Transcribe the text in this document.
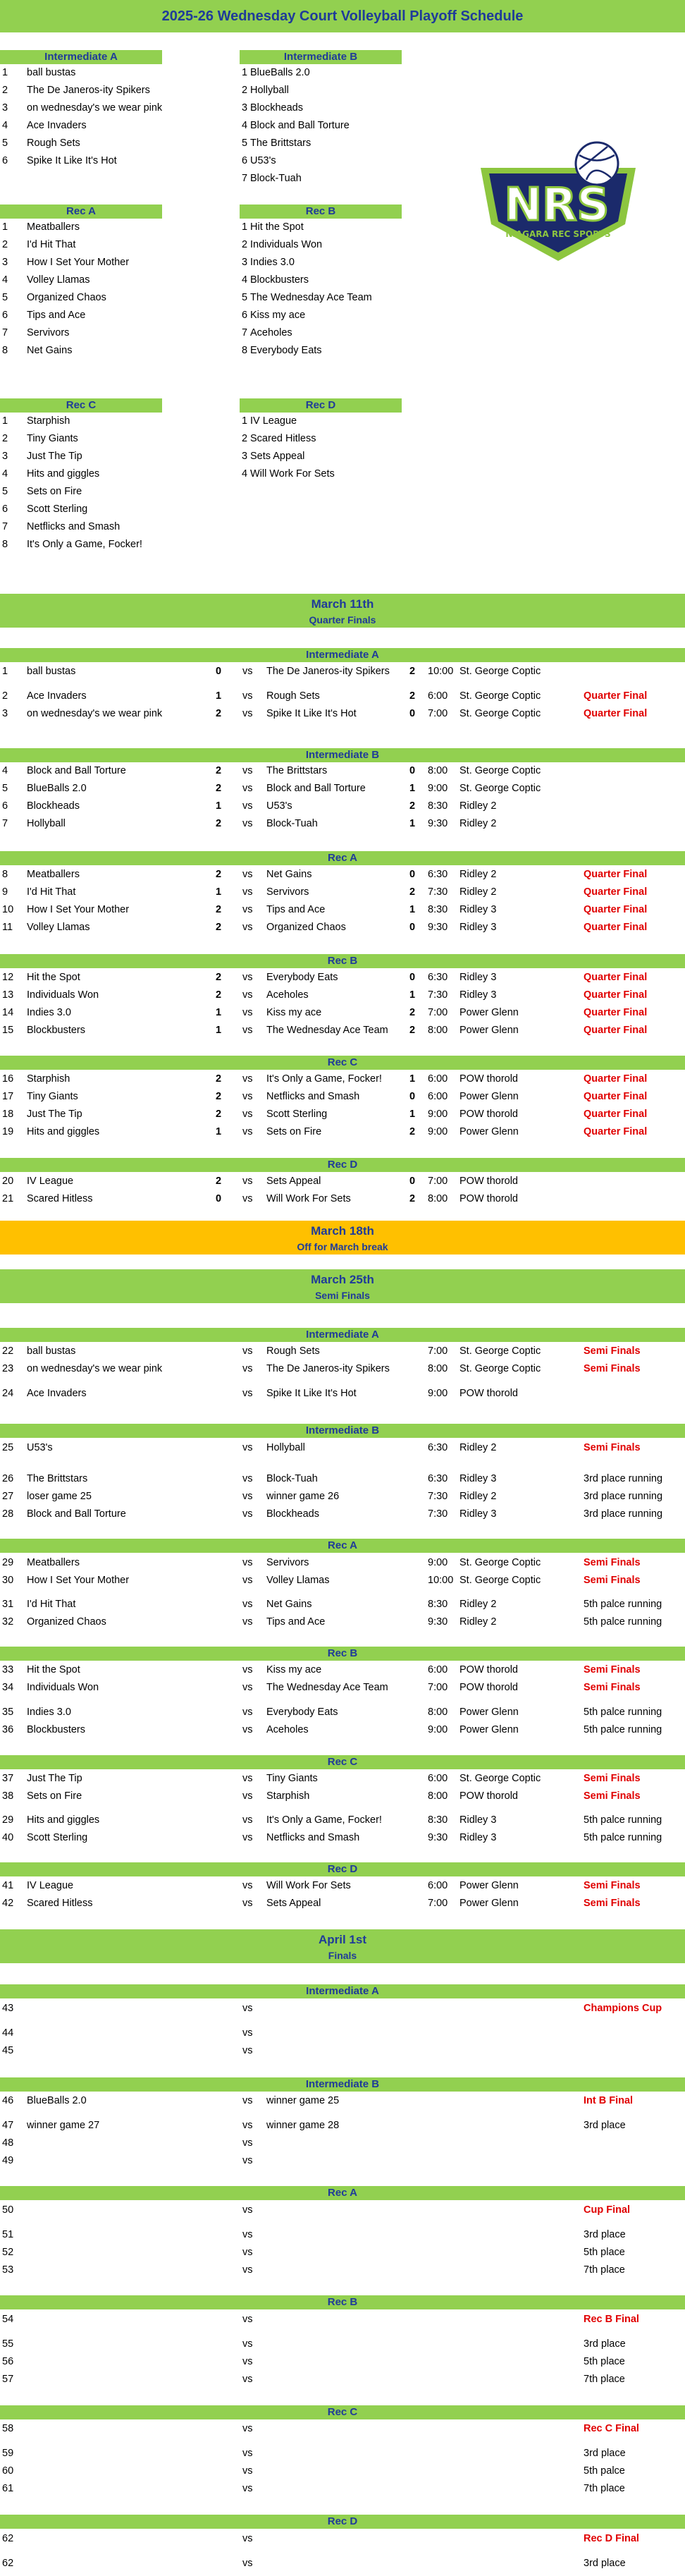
2025-26 Wednesday Court Volleyball Playoff Schedule
Intermediate A
1 ball bustas
2 The De Janeros-ity Spikers
3 on wednesday's we wear pink
4 Ace Invaders
5 Rough Sets
6 Spike It Like It's Hot
Intermediate B
1 BlueBalls 2.0
2 Hollyball
3 Blockheads
4 Block and Ball Torture
5 The Brittstars
6 U53's
7 Block-Tuah
Rec A
1 Meatballers
2 I'd Hit That
3 How I Set Your Mother
4 Volley Llamas
5 Organized Chaos
6 Tips and Ace
7 Servivors
8 Net Gains
Rec B
1 Hit the Spot
2 Individuals Won
3 Indies 3.0
4 Blockbusters
5 The Wednesday Ace Team
6 Kiss my ace
7 Aceholes
8 Everybody Eats
Rec C
1 Starphish
2 Tiny Giants
3 Just The Tip
4 Hits and giggles
5 Sets on Fire
6 Scott Sterling
7 Netflicks and Smash
8 It's Only a Game, Focker!
Rec D
1 IV League
2 Scared Hitless
3 Sets Appeal
4 Will Work For Sets
NRS
NIAGARA REC SPORTS
March 11th
Quarter Finals
March 18th
Off for March break
March 25th
Semi Finals
April 1st
Finals
Intermediate A
1 ball bustas	0 vs The De Janeros-ity Spikers 2 10:00 St. George Coptic
2 Ace Invaders	1 vs Rough Sets	2 6:00 St. George Coptic	Quarter Final
3 on wednesday's we wear pink	2 vs Spike It Like It's Hot	0 7:00 St. George Coptic	Quarter Final
Intermediate B
4 Block and Ball Torture	2 vs The Brittstars	0 8:00 St. George Coptic
5 BlueBalls 2.0	2 vs Block and Ball Torture	1 9:00 St. George Coptic
6 Blockheads	1 vs U53's	2 8:30 Ridley 2
7 Hollyball	2 vs Block-Tuah	1 9:30 Ridley 2
Rec A
8 Meatballers	2 vs Net Gains	0 6:30 Ridley 2	Quarter Final
9 I'd Hit That	1 vs Servivors	2 7:30 Ridley 2	Quarter Final
10 How I Set Your Mother	2 vs Tips and Ace	1 8:30 Ridley 3	Quarter Final
11 Volley Llamas	2 vs Organized Chaos	0 9:30 Ridley 3	Quarter Final
Rec B
12 Hit the Spot	2 vs Everybody Eats	0 6:30 Ridley 3	Quarter Final
13 Individuals Won	2 vs Aceholes	1 7:30 Ridley 3	Quarter Final
14 Indies 3.0	1 vs Kiss my ace	2 7:00 Power Glenn	Quarter Final
15 Blockbusters	1 vs The Wednesday Ace Team 2 8:00 Power Glenn	Quarter Final
Rec C
16 Starphish	2 vs It's Only a Game, Focker!	1 6:00 POW thorold	Quarter Final
17 Tiny Giants	2 vs Netflicks and Smash	0 6:00 Power Glenn	Quarter Final
18 Just The Tip	2 vs Scott Sterling	1 9:00 POW thorold	Quarter Final
19 Hits and giggles	1 vs Sets on Fire	2 9:00 Power Glenn	Quarter Final
Rec D
20 IV League	2 vs Sets Appeal	0 7:00 POW thorold
21 Scared Hitless	0 vs Will Work For Sets	2 8:00 POW thorold
Intermediate A
22 ball bustas	vs Rough Sets	7:00 St. George Coptic	Semi Finals
23 on wednesday's we wear pink	vs The De Janeros-ity Spikers	8:00 St. George Coptic	Semi Finals
24 Ace Invaders	vs Spike It Like It's Hot	9:00 POW thorold
Intermediate B
25 U53's	vs Hollyball	6:30 Ridley 2	Semi Finals
26 The Brittstars	vs Block-Tuah	6:30 Ridley 3	3rd place running
27 loser game 25	vs winner game 26	7:30 Ridley 2	3rd place running
28 Block and Ball Torture	vs Blockheads	7:30 Ridley 3	3rd place running
Rec A
29 Meatballers	vs Servivors	9:00 St. George Coptic	Semi Finals
30 How I Set Your Mother	vs Volley Llamas	10:00 St. George Coptic	Semi Finals
31 I'd Hit That	vs Net Gains	8:30 Ridley 2	5th palce running
32 Organized Chaos	vs Tips and Ace	9:30 Ridley 2	5th palce running
Rec B
33 Hit the Spot	vs Kiss my ace	6:00 POW thorold	Semi Finals
34 Individuals Won	vs The Wednesday Ace Team	7:00 POW thorold	Semi Finals
35 Indies 3.0	vs Everybody Eats	8:00 Power Glenn	5th palce running
36 Blockbusters	vs Aceholes	9:00 Power Glenn	5th palce running
Rec C
37 Just The Tip	vs Tiny Giants	6:00 St. George Coptic	Semi Finals
38 Sets on Fire	vs Starphish	8:00 POW thorold	Semi Finals
29 Hits and giggles	vs It's Only a Game, Focker!	8:30 Ridley 3	5th palce running
40 Scott Sterling	vs Netflicks and Smash	9:30 Ridley 3	5th palce running
Rec D
41 IV League	vs Will Work For Sets	6:00 Power Glenn	Semi Finals
42 Scared Hitless	vs Sets Appeal	7:00 Power Glenn	Semi Finals
Intermediate A
43	vs	Champions Cup
44	vs
45	vs
Intermediate B
46 BlueBalls 2.0	vs winner game 25	Int B Final
47 winner game 27	vs winner game 28	3rd place
48	vs
49	vs
Rec A
50	vs	Cup Final
51	vs	3rd place
52	vs	5th place
53	vs	7th place
Rec B
54	vs	Rec B Final
55	vs	3rd place
56	vs	5th place
57	vs	7th place
Rec C
58	vs	Rec C Final
59	vs	3rd place
60	vs	5th palce
61	vs	7th place
Rec D
62	vs	Rec D Final
62	vs	3rd place
